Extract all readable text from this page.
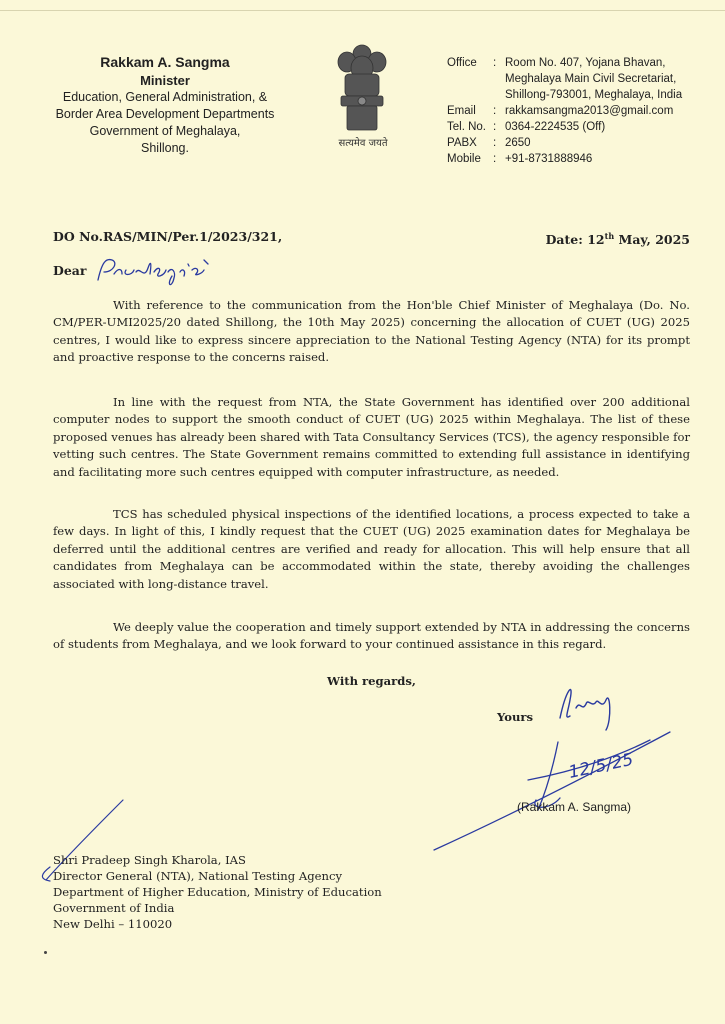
Rakkam A. Sangma
Minister
Education, General Administration, &
Border Area Development Departments
Government of Meghalaya,
Shillong.	सत्यमेव जयते
Office	: Room No. 407, Yojana Bhavan,
Meghalaya Main Civil Secretariat,
Shillong-793001, Meghalaya, India
Email	: rakkamsangma2013@gmail.com
Tel. No. : 0364-2224535 (Off)
PABX	: 2650
Mobile	: +91-8731888946
DO No.RAS/MIN/Per.1/2023/321,	Date: 12th May, 2025
Dear

With reference to the communication from the Hon'ble Chief Minister of Meghalaya (Do. No. CM/PER-UMI2025/20 dated Shillong, the 10th May 2025) concerning the allocation of CUET (UG) 2025 centres, I would like to express sincere appreciation to the National Testing Agency (NTA) for its prompt and proactive response to the concerns raised.

In line with the request from NTA, the State Government has identified over 200 additional computer nodes to support the smooth conduct of CUET (UG) 2025 within Meghalaya. The list of these proposed venues has already been shared with Tata Consultancy Services (TCS), the agency responsible for vetting such centres. The State Government remains committed to extending full assistance in identifying and facilitating more such centres equipped with computer infrastructure, as needed.

TCS has scheduled physical inspections of the identified locations, a process expected to take a few days. In light of this, I kindly request that the CUET (UG) 2025 examination dates for Meghalaya be deferred until the additional centres are verified and ready for allocation. This will help ensure that all candidates from Meghalaya can be accommodated within the state, thereby avoiding the challenges associated with long-distance travel.

We deeply value the cooperation and timely support extended by NTA in addressing the concerns of students from Meghalaya, and we look forward to your continued assistance in this regard.

With regards,
Yours
12/5/25
(Rakkam A. Sangma)
Shri Pradeep Singh Kharola, IAS
Director General (NTA), National Testing Agency
Department of Higher Education, Ministry of Education
Government of India
New Delhi – 110020
